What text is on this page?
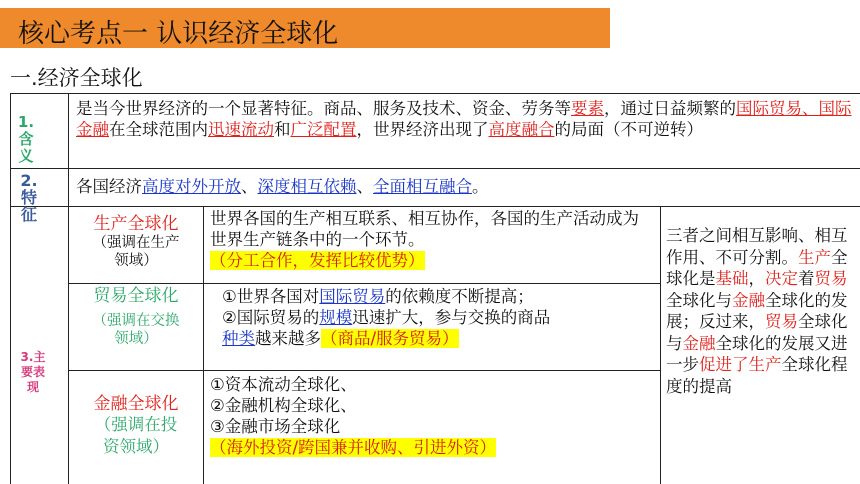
核心考点一 认识经济全球化
一.经济全球化
1.含义
是当今世界经济的一个显著特征。商品、服务及技术、资金、劳务等要素，通过日益频繁的国际贸易、国际金融在全球范围内迅速流动和广泛配置，世界经济出现了高度融合的局面（不可逆转）
2.特征
各国经济高度对外开放、深度相互依赖、全面相互融合。
3.主要表现
生产全球化
（强调在生产领域）
世界各国的生产相互联系、相互协作，各国的生产活动成为世界生产链条中的一个环节。
（分工合作，发挥比较优势）
贸易全球化
（强调在交换领域）
①世界各国对国际贸易的依赖度不断提高；
②国际贸易的规模迅速扩大，参与交换的商品
种类越来越多（商品/服务贸易）
金融全球化
（强调在投资领域）
①资本流动全球化、
②金融机构全球化、
③金融市场全球化
（海外投资/跨国兼并收购、引进外资）
三者之间相互影响、相互作用、不可分割。生产全球化是基础，决定着贸易全球化与金融全球化的发展；反过来，贸易全球化与金融全球化的发展又进一步促进了生产全球化程度的提高
